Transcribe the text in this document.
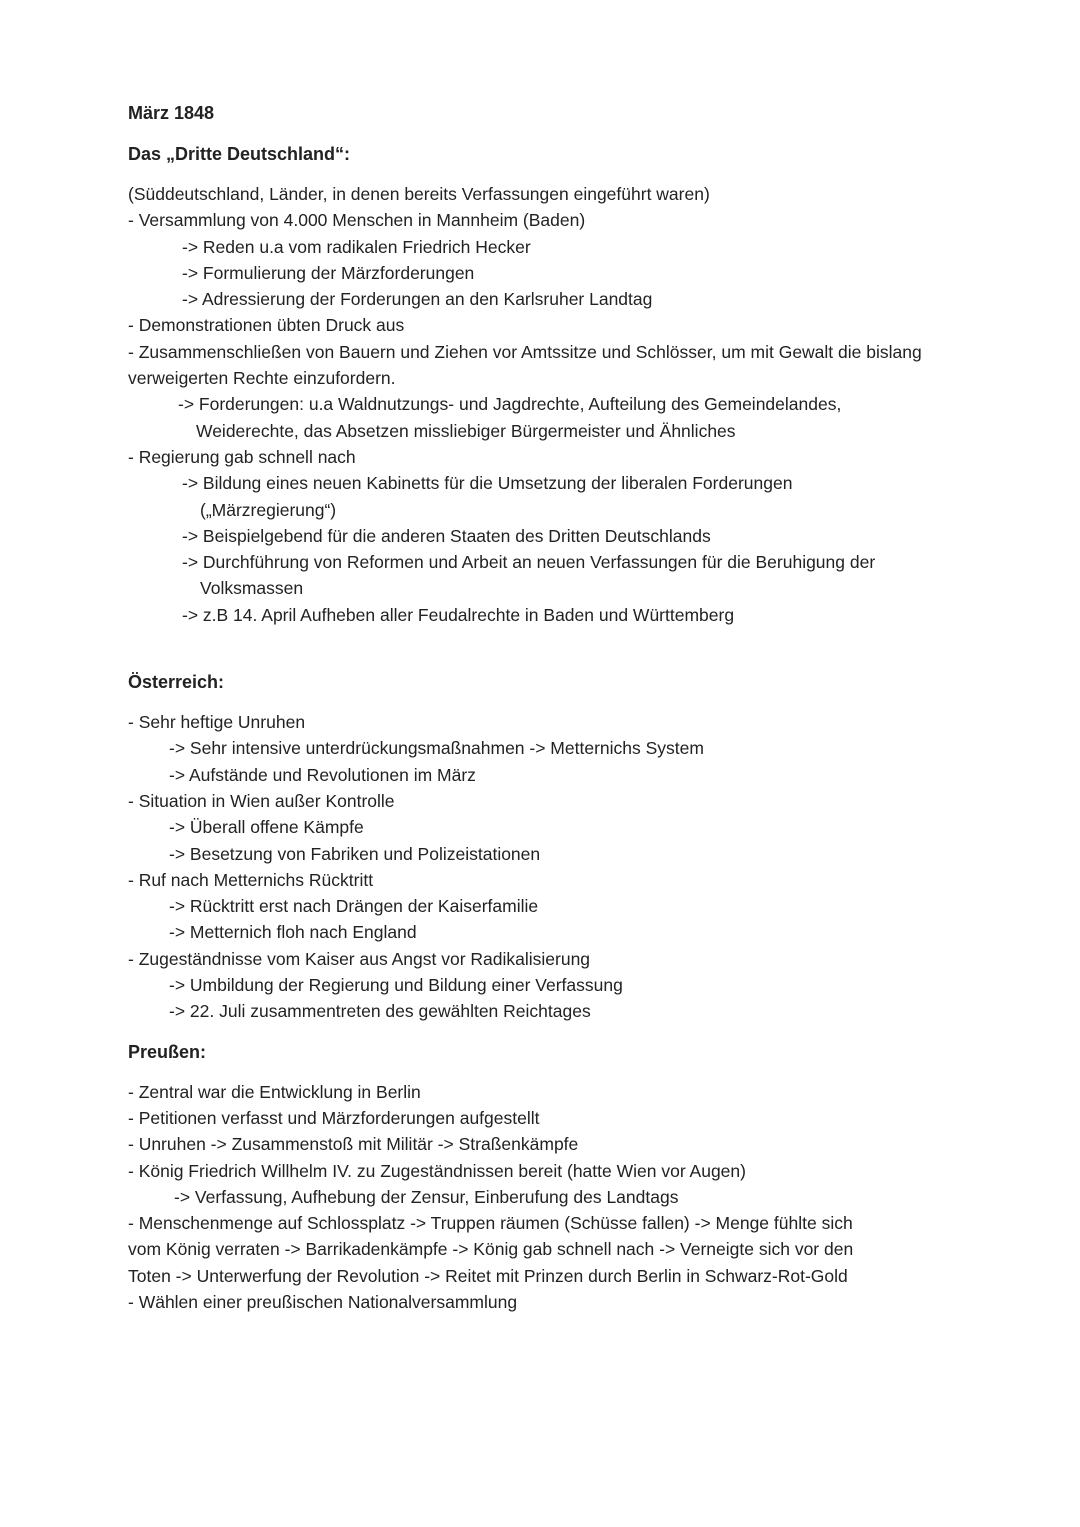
März 1848

Das „Dritte Deutschland“:

(Süddeutschland, Länder, in denen bereits Verfassungen eingeführt waren)

- Versammlung von 4.000 Menschen in Mannheim (Baden)

-> Reden u.a vom radikalen Friedrich Hecker

-> Formulierung der Märzforderungen

-> Adressierung der Forderungen an den Karlsruher Landtag

- Demonstrationen übten Druck aus

- Zusammenschließen von Bauern und Ziehen vor Amtssitze und Schlösser, um mit Gewalt die bislang

verweigerten Rechte einzufordern.

-> Forderungen: u.a Waldnutzungs- und Jagdrechte, Aufteilung des Gemeindelandes,

Weiderechte, das Absetzen missliebiger Bürgermeister und Ähnliches

- Regierung gab schnell nach

-> Bildung eines neuen Kabinetts für die Umsetzung der liberalen Forderungen

(„Märzregierung“)

-> Beispielgebend für die anderen Staaten des Dritten Deutschlands

-> Durchführung von Reformen und Arbeit an neuen Verfassungen für die Beruhigung der

Volksmassen

-> z.B 14. April Aufheben aller Feudalrechte in Baden und Württemberg

Österreich:

- Sehr heftige Unruhen

-> Sehr intensive unterdrückungsmaßnahmen -> Metternichs System

-> Aufstände und Revolutionen im März

- Situation in Wien außer Kontrolle

-> Überall offene Kämpfe

-> Besetzung von Fabriken und Polizeistationen

- Ruf nach Metternichs Rücktritt

-> Rücktritt erst nach Drängen der Kaiserfamilie

-> Metternich floh nach England

- Zugeständnisse vom Kaiser aus Angst vor Radikalisierung

-> Umbildung der Regierung und Bildung einer Verfassung

-> 22. Juli zusammentreten des gewählten Reichtages

Preußen:

- Zentral war die Entwicklung in Berlin

- Petitionen verfasst und Märzforderungen aufgestellt

- Unruhen -> Zusammenstoß mit Militär -> Straßenkämpfe

- König Friedrich Willhelm IV. zu Zugeständnissen bereit (hatte Wien vor Augen)

-> Verfassung, Aufhebung der Zensur, Einberufung des Landtags

- Menschenmenge auf Schlossplatz -> Truppen räumen (Schüsse fallen) -> Menge fühlte sich

vom König verraten -> Barrikadenkämpfe -> König gab schnell nach -> Verneigte sich vor den

Toten -> Unterwerfung der Revolution -> Reitet mit Prinzen durch Berlin in Schwarz-Rot-Gold

- Wählen einer preußischen Nationalversammlung
